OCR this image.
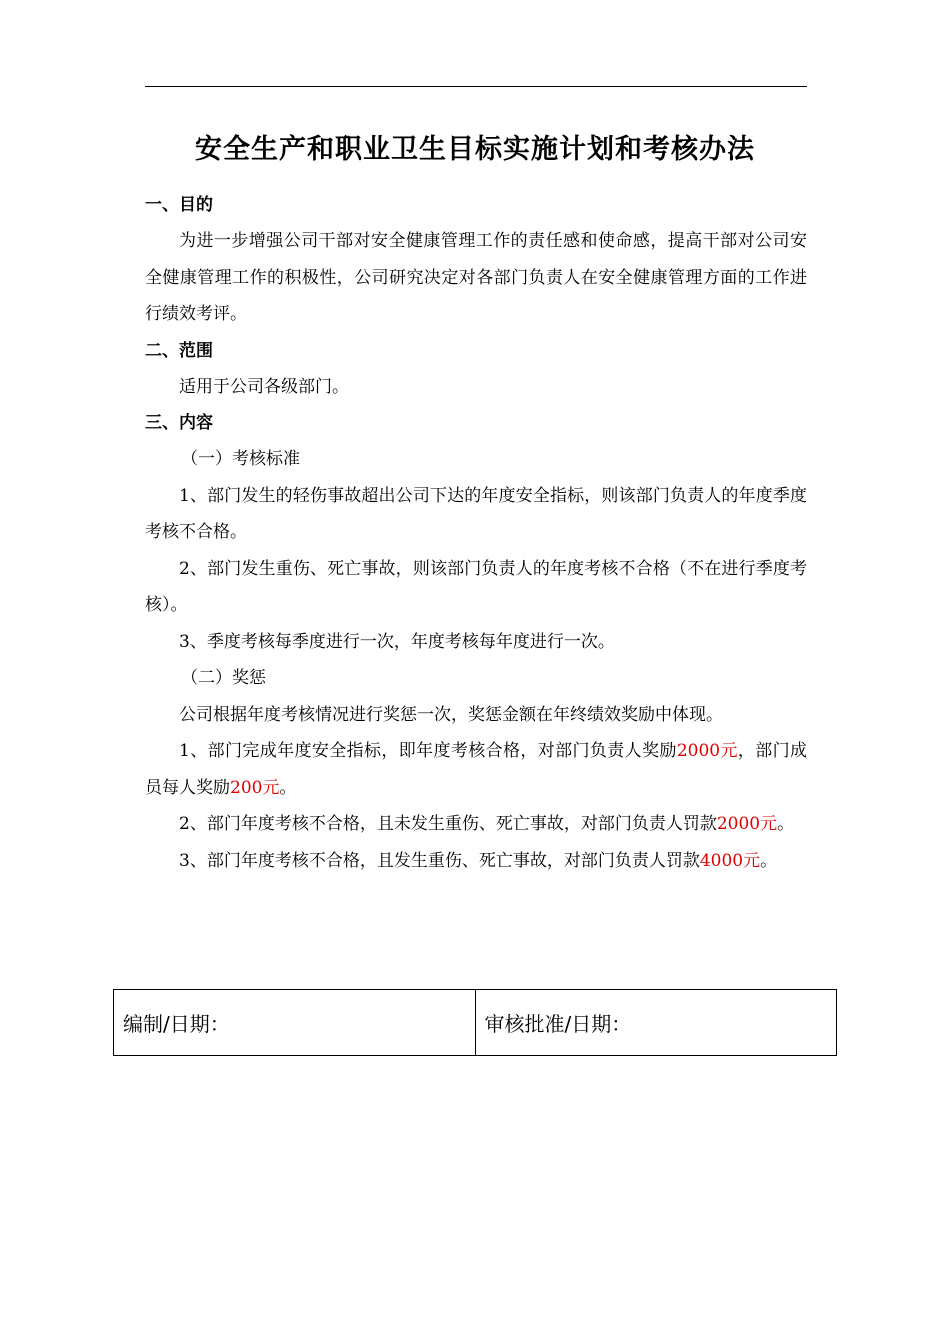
安全生产和职业卫生目标实施计划和考核办法

一、目的

为进一步增强公司干部对安全健康管理工作的责任感和使命感，提高干部对公司安全健康管理工作的积极性，公司研究决定对各部门负责人在安全健康管理方面的工作进行绩效考评。

二、范围

适用于公司各级部门。

三、内容

（一）考核标准

1、部门发生的轻伤事故超出公司下达的年度安全指标，则该部门负责人的年度季度考核不合格。

2、部门发生重伤、死亡事故，则该部门负责人的年度考核不合格（不在进行季度考核）。

3、季度考核每季度进行一次，年度考核每年度进行一次。

（二）奖惩

公司根据年度考核情况进行奖惩一次，奖惩金额在年终绩效奖励中体现。

1、部门完成年度安全指标，即年度考核合格，对部门负责人奖励2000元，部门成员每人奖励200元。

2、部门年度考核不合格，且未发生重伤、死亡事故，对部门负责人罚款2000元。

3、部门年度考核不合格，且发生重伤、死亡事故，对部门负责人罚款4000元。

编制/日期：	审核批准/日期：
